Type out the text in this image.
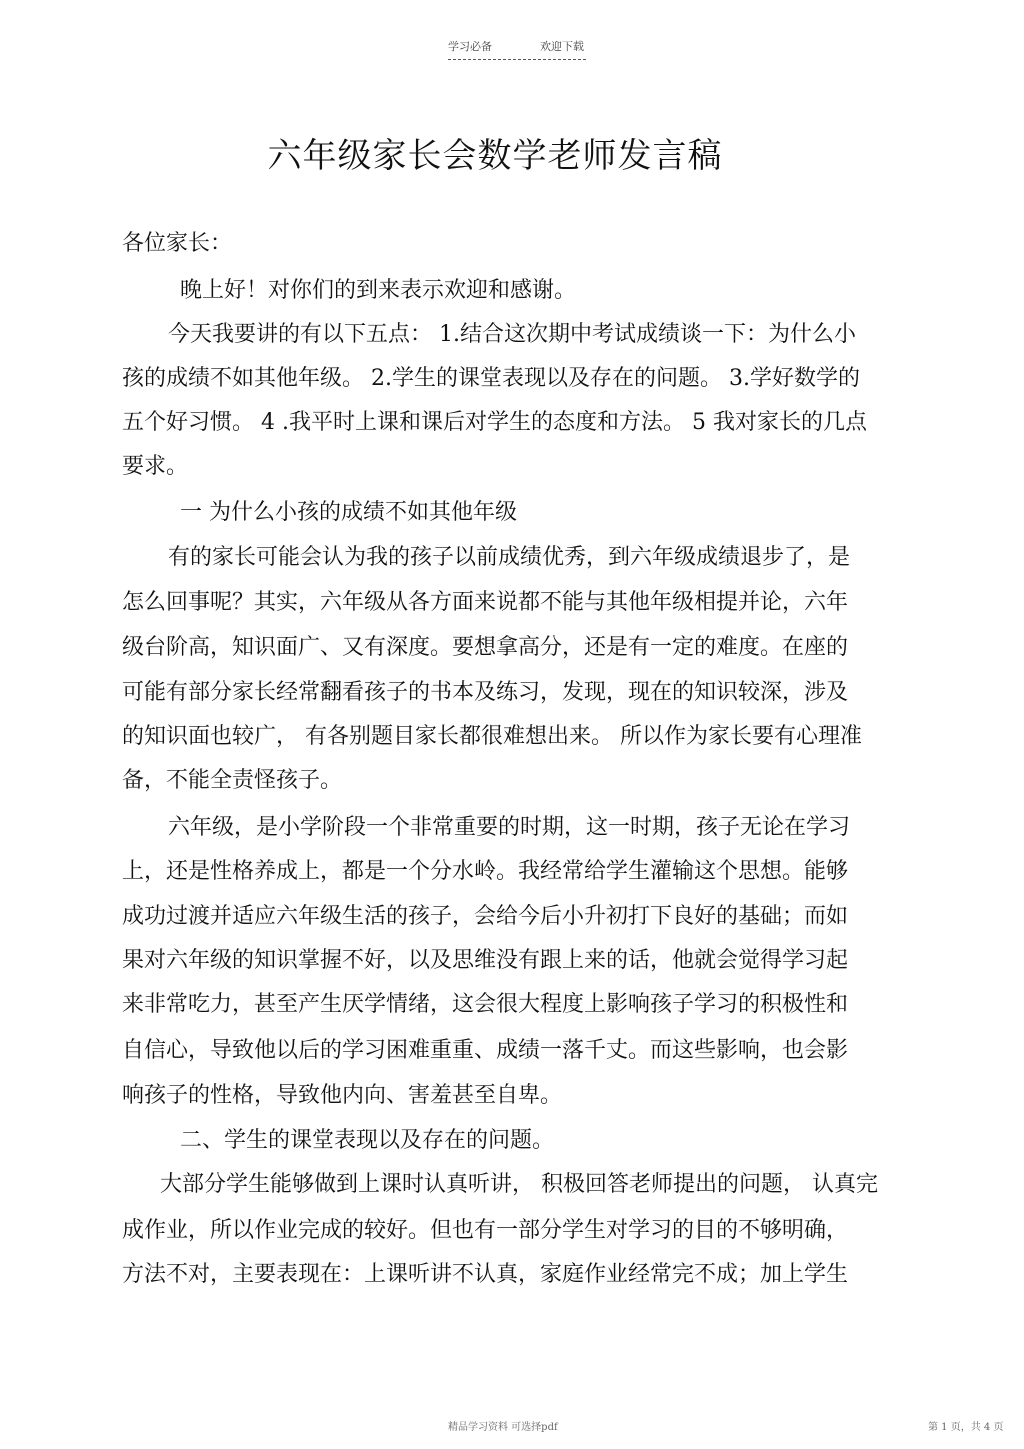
学习必备	欢迎下载
六年级家长会数学老师发言稿
各位家长：
晚上好！对你们的到来表示欢迎和感谢。
今天我要讲的有以下五点： 1.结合这次期中考试成绩谈一下：为什么小
孩的成绩不如其他年级。 2.学生的课堂表现以及存在的问题。 3.学好数学的
五个好习惯。 4 .我平时上课和课后对学生的态度和方法。 5 我对家长的几点
要求。
一 为什么小孩的成绩不如其他年级
有的家长可能会认为我的孩子以前成绩优秀，到六年级成绩退步了，是
怎么回事呢？其实，六年级从各方面来说都不能与其他年级相提并论，六年
级台阶高，知识面广、又有深度。要想拿高分，还是有一定的难度。在座的
可能有部分家长经常翻看孩子的书本及练习，发现，现在的知识较深，涉及
的知识面也较广， 有各别题目家长都很难想出来。 所以作为家长要有心理准
备，不能全责怪孩子。
六年级，是小学阶段一个非常重要的时期，这一时期，孩子无论在学习
上，还是性格养成上，都是一个分水岭。我经常给学生灌输这个思想。能够
成功过渡并适应六年级生活的孩子，会给今后小升初打下良好的基础；而如
果对六年级的知识掌握不好，以及思维没有跟上来的话，他就会觉得学习起
来非常吃力，甚至产生厌学情绪，这会很大程度上影响孩子学习的积极性和
自信心，导致他以后的学习困难重重、成绩一落千丈。而这些影响，也会影
响孩子的性格，导致他内向、害羞甚至自卑。
二、学生的课堂表现以及存在的问题。
大部分学生能够做到上课时认真听讲， 积极回答老师提出的问题， 认真完
成作业，所以作业完成的较好。但也有一部分学生对学习的目的不够明确，
方法不对，主要表现在：上课听讲不认真，家庭作业经常完不成；加上学生
精品学习资料 可选择pdf	第 1 页，共 4 页
